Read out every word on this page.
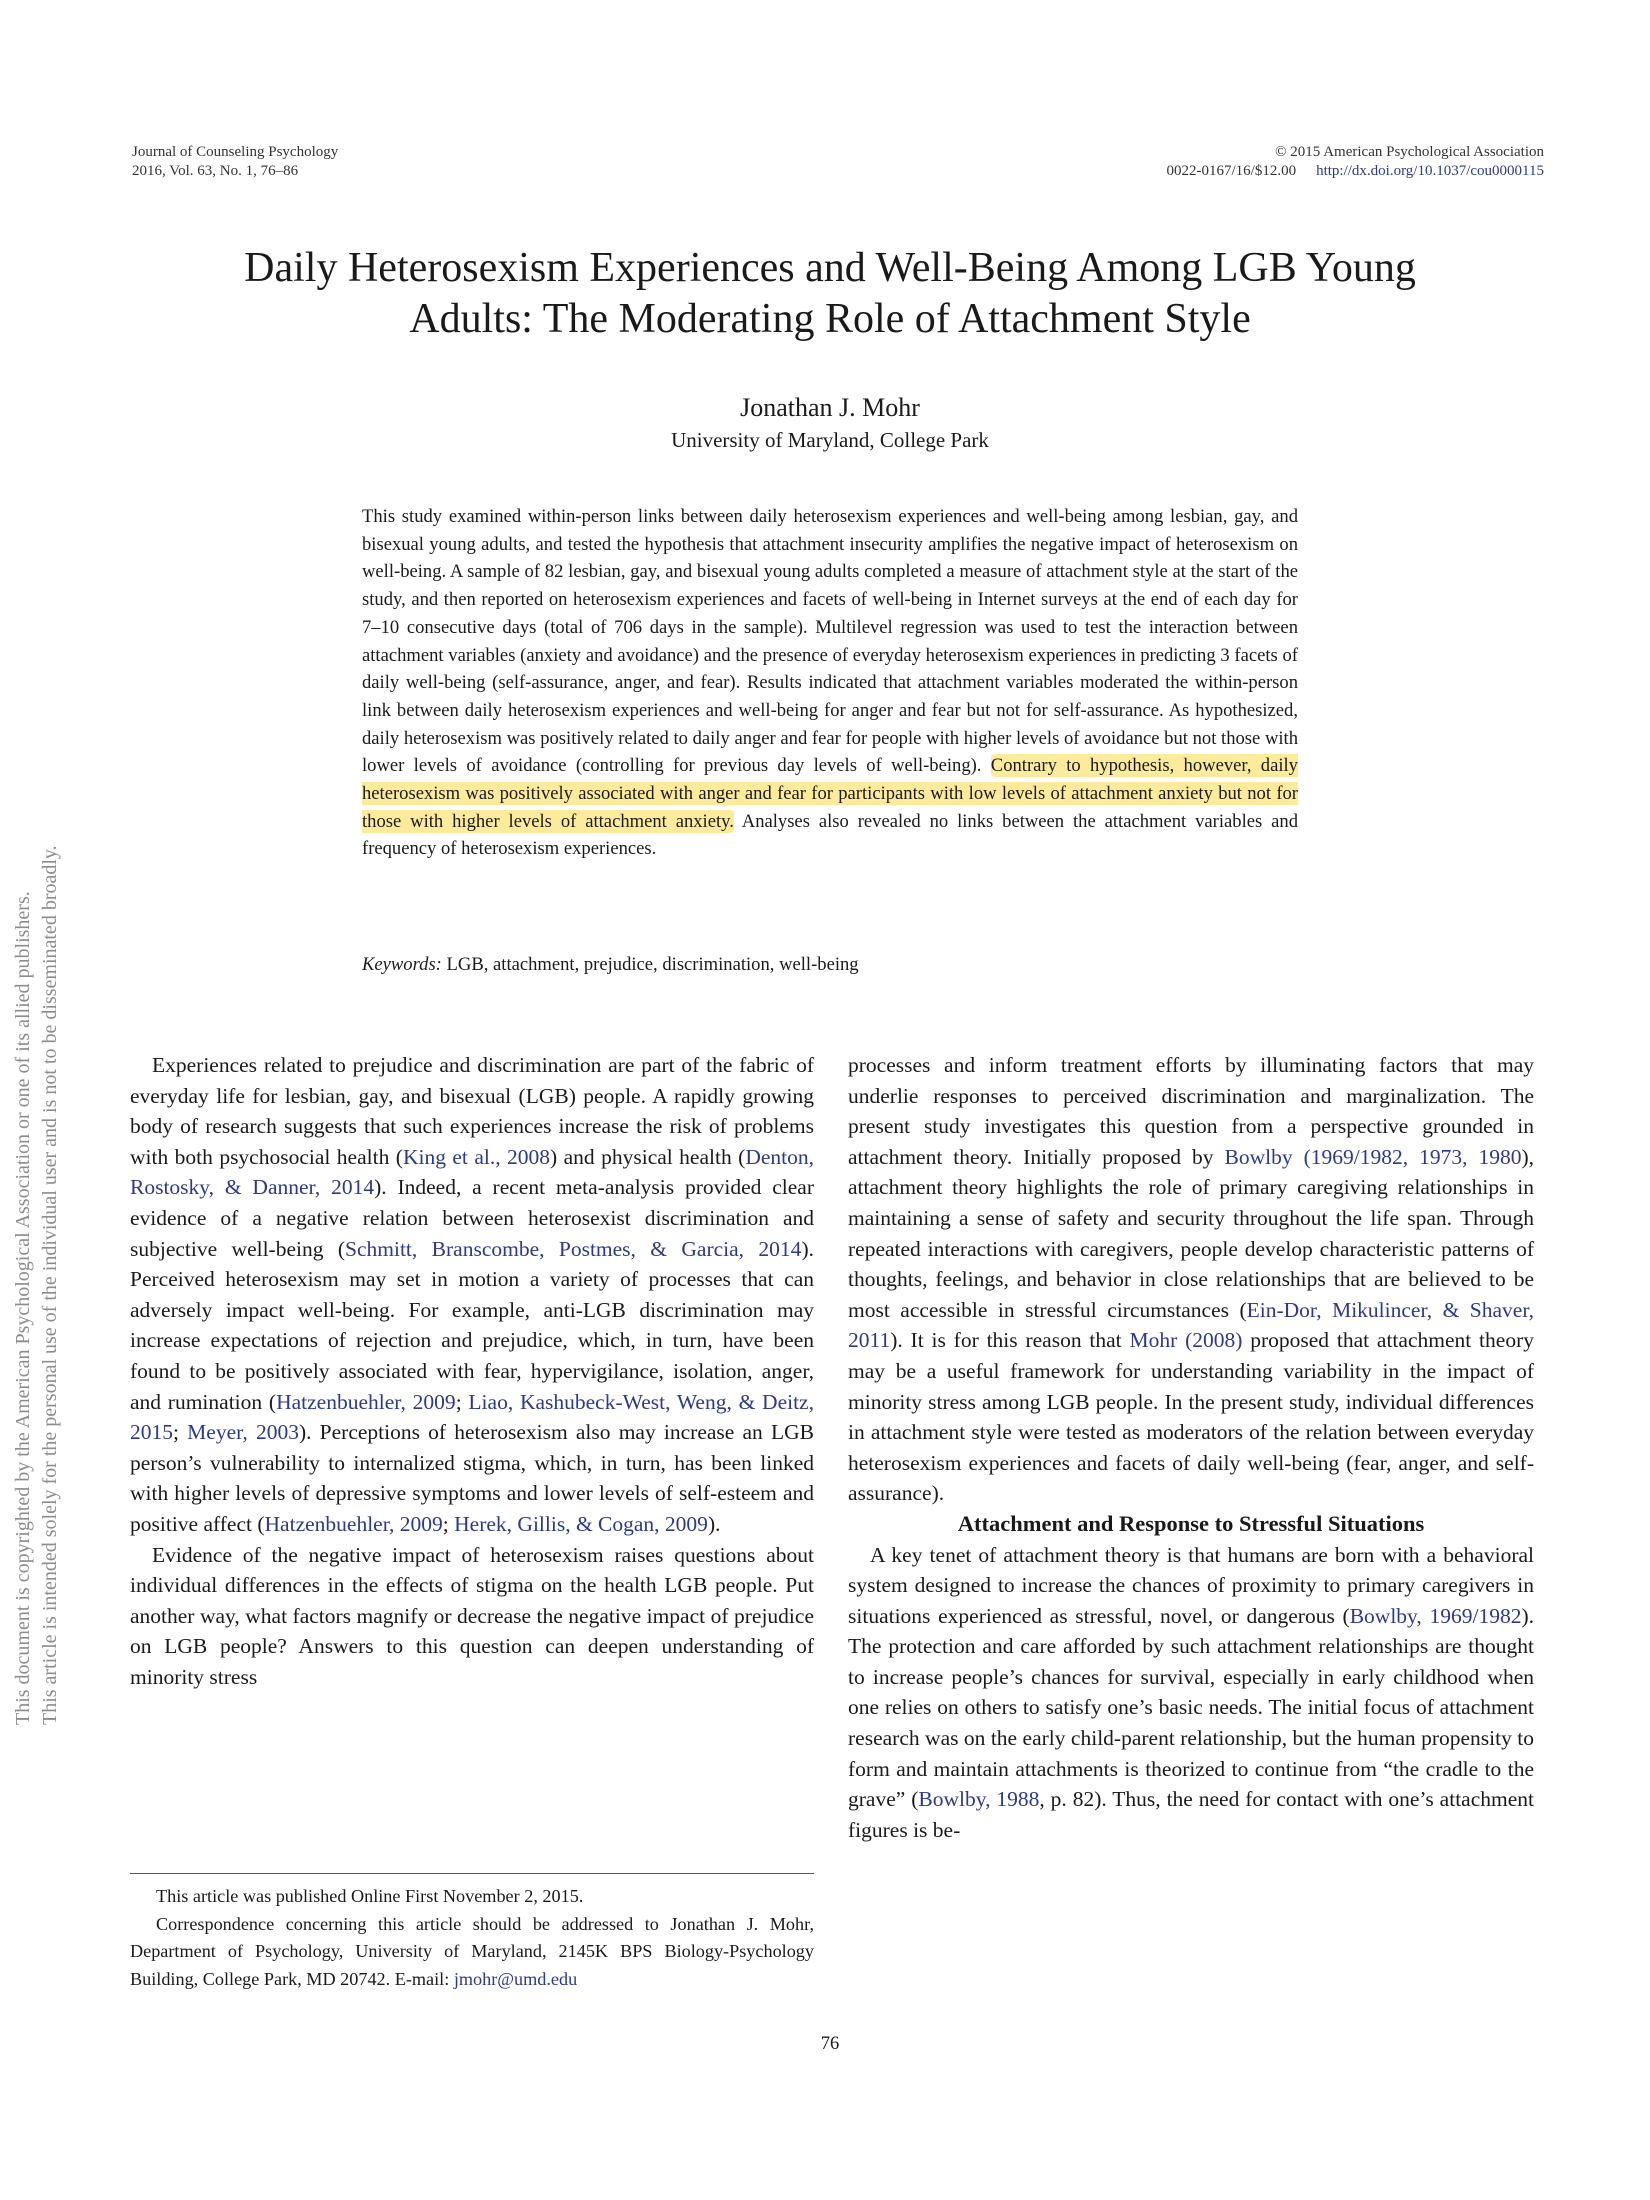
This document is copyrighted by the American Psychological Association or one of its allied publishers. This article is intended solely for the personal use of the individual user and is not to be disseminated broadly.
Journal of Counseling Psychology
2016, Vol. 63, No. 1, 76–86
© 2015 American Psychological Association
0022-0167/16/$12.00 http://dx.doi.org/10.1037/cou0000115
Daily Heterosexism Experiences and Well-Being Among LGB Young
Adults: The Moderating Role of Attachment Style
Jonathan J. Mohr
University of Maryland, College Park
This study examined within-person links between daily heterosexism experiences and well-being among lesbian, gay, and bisexual young adults, and tested the hypothesis that attachment insecurity amplifies the negative impact of heterosexism on well-being. A sample of 82 lesbian, gay, and bisexual young adults completed a measure of attachment style at the start of the study, and then reported on heterosexism experiences and facets of well-being in Internet surveys at the end of each day for 7–10 consecutive days (total of 706 days in the sample). Multilevel regression was used to test the interaction between attachment variables (anxiety and avoidance) and the presence of everyday heterosexism experiences in predicting 3 facets of daily well-being (self-assurance, anger, and fear). Results indicated that attachment variables moderated the within-person link between daily heterosexism experiences and well-being for anger and fear but not for self-assurance. As hypothesized, daily heterosexism was positively related to daily anger and fear for people with higher levels of avoidance but not those with lower levels of avoidance (controlling for previous day levels of well-being). Contrary to hypothesis, however, daily heterosexism was positively associated with anger and fear for participants with low levels of attachment anxiety but not for those with higher levels of attachment anxiety. Analyses also revealed no links between the attachment variables and frequency of heterosexism experiences.
Keywords: LGB, attachment, prejudice, discrimination, well-being

Experiences related to prejudice and discrimination are part of the fabric of everyday life for lesbian, gay, and bisexual (LGB) people. A rapidly growing body of research suggests that such experiences increase the risk of problems with both psychosocial health (King et al., 2008) and physical health (Denton, Rostosky, & Danner, 2014). Indeed, a recent meta-analysis provided clear evidence of a negative relation between heterosexist discrimination and subjective well-being (Schmitt, Branscombe, Postmes, & Garcia, 2014). Perceived heterosexism may set in motion a variety of processes that can adversely impact well-being. For example, anti-LGB discrimination may increase expectations of rejection and prejudice, which, in turn, have been found to be positively associated with fear, hypervigilance, isolation, anger, and rumination (Hatzenbuehler, 2009; Liao, Kashubeck-West, Weng, & Deitz, 2015; Meyer, 2003). Perceptions of heterosexism also may increase an LGB person’s vulnerability to internalized stigma, which, in turn, has been linked with higher levels of depressive symptoms and lower levels of self-esteem and positive affect (Hatzenbuehler, 2009; Herek, Gillis, & Cogan, 2009).

Evidence of the negative impact of heterosexism raises questions about individual differences in the effects of stigma on the health LGB people. Put another way, what factors magnify or decrease the negative impact of prejudice on LGB people? Answers to this question can deepen understanding of minority stress

processes and inform treatment efforts by illuminating factors that may underlie responses to perceived discrimination and marginalization. The present study investigates this question from a perspective grounded in attachment theory. Initially proposed by Bowlby (1969/1982, 1973, 1980), attachment theory highlights the role of primary caregiving relationships in maintaining a sense of safety and security throughout the life span. Through repeated interactions with caregivers, people develop characteristic patterns of thoughts, feelings, and behavior in close relationships that are believed to be most accessible in stressful circumstances (Ein-Dor, Mikulincer, & Shaver, 2011). It is for this reason that Mohr (2008) proposed that attachment theory may be a useful framework for understanding variability in the impact of minority stress among LGB people. In the present study, individual differences in attachment style were tested as moderators of the relation between everyday heterosexism experiences and facets of daily well-being (fear, anger, and self-assurance).

Attachment and Response to Stressful Situations

A key tenet of attachment theory is that humans are born with a behavioral system designed to increase the chances of proximity to primary caregivers in situations experienced as stressful, novel, or dangerous (Bowlby, 1969/1982). The protection and care afforded by such attachment relationships are thought to increase people’s chances for survival, especially in early childhood when one relies on others to satisfy one’s basic needs. The initial focus of attachment research was on the early child-parent relationship, but the human propensity to form and maintain attachments is theorized to continue from “the cradle to the grave” (Bowlby, 1988, p. 82). Thus, the need for contact with one’s attachment figures is be-

This article was published Online First November 2, 2015.

Correspondence concerning this article should be addressed to Jonathan J. Mohr, Department of Psychology, University of Maryland, 2145K BPS Biology-Psychology Building, College Park, MD 20742. E-mail: jmohr@umd.edu

76
